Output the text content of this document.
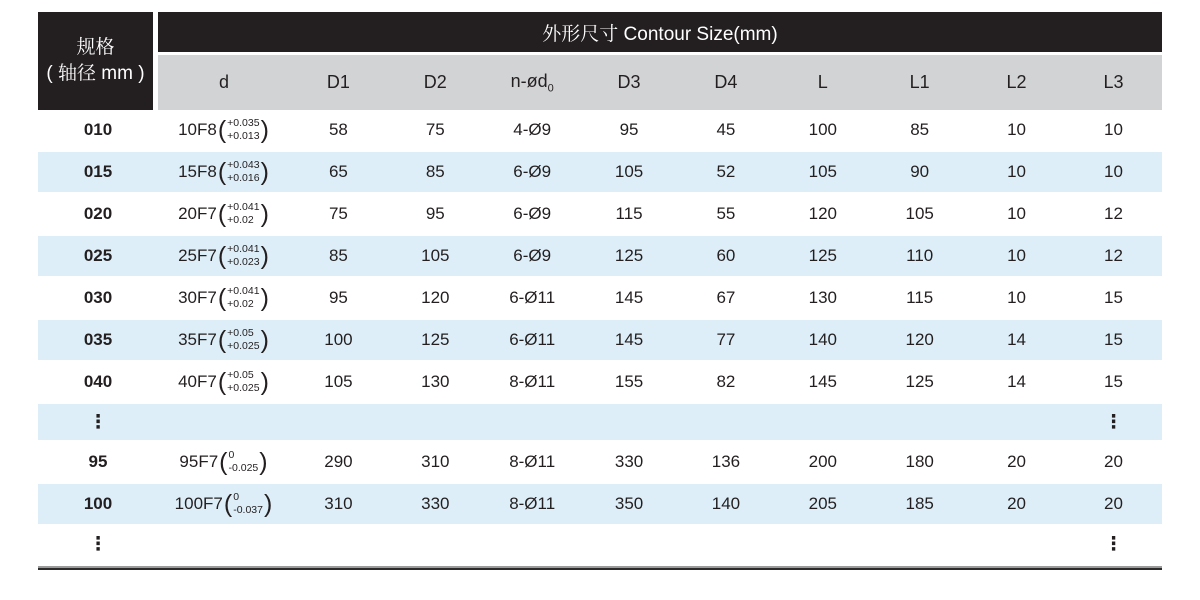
规格
( 轴径 mm )	外形尺寸 Contour Size(mm)									
	d	D1	D2	$n-ød_0$	D3	D4	L	L1	L2	L3
010	10F8 ( +0.035
+0.013 )	58	75	4-Ø9	95	45	100	85	10	10
015	15F8 ( +0.043
+0.016 )	65	85	6-Ø9	105	52	105	90	10	10
020	20F7 ( +0.041
+0.02 )	75	95	6-Ø9	115	55	120	105	10	12
025	25F7 ( +0.041
+0.023 )	85	105	6-Ø9	125	60	125	110	10	12
030	30F7 ( +0.041
+0.02 )	95	120	6-Ø11	145	67	130	115	10	15
035	35F7 ( +0.05
+0.025 )	100	125	6-Ø11	145	77	140	120	14	15
040	40F7 ( +0.05
+0.025 )	105	130	8-Ø11	155	82	145	125	14	15
⋮										⋮
95	95F7 ( 0
-0.025 )	290	310	8-Ø11	330	136	200	180	20	20
100	100F7 ( 0
-0.037 )	310	330	8-Ø11	350	140	205	185	20	20
⋮										⋮
